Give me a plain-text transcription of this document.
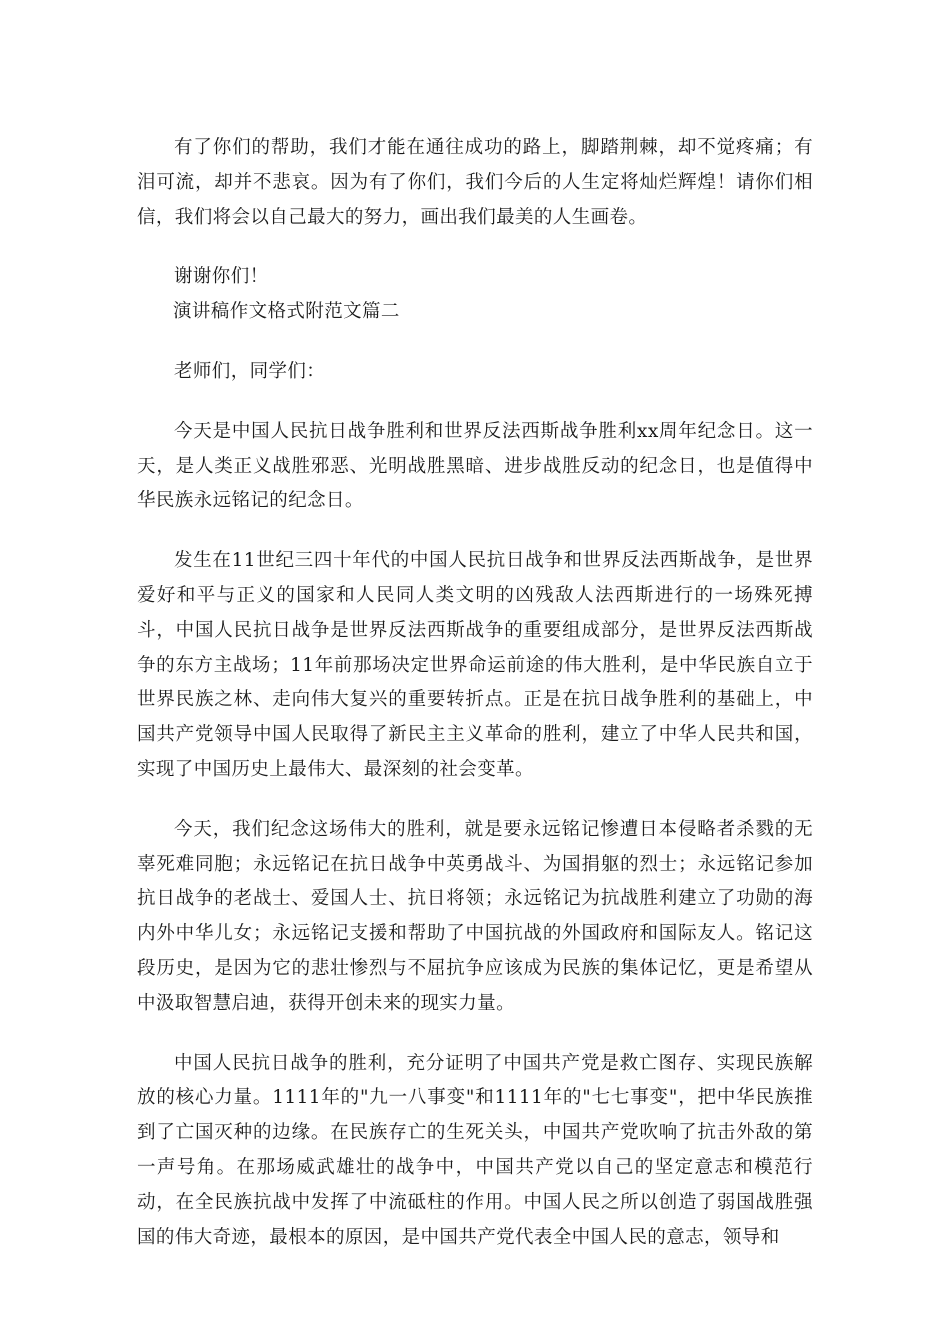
有了你们的帮助，我们才能在通往成功的路上，脚踏荆棘，却不觉疼痛；有泪可流，却并不悲哀。因为有了你们，我们今后的人生定将灿烂辉煌！请你们相信，我们将会以自己最大的努力，画出我们最美的人生画卷。

谢谢你们！

演讲稿作文格式附范文篇二

老师们，同学们：

今天是中国人民抗日战争胜利和世界反法西斯战争胜利xx周年纪念日。这一天，是人类正义战胜邪恶、光明战胜黑暗、进步战胜反动的纪念日，也是值得中华民族永远铭记的纪念日。

发生在11世纪三四十年代的中国人民抗日战争和世界反法西斯战争，是世界爱好和平与正义的国家和人民同人类文明的凶残敌人法西斯进行的一场殊死搏斗，中国人民抗日战争是世界反法西斯战争的重要组成部分，是世界反法西斯战争的东方主战场；11年前那场决定世界命运前途的伟大胜利，是中华民族自立于世界民族之林、走向伟大复兴的重要转折点。正是在抗日战争胜利的基础上，中国共产党领导中国人民取得了新民主主义革命的胜利，建立了中华人民共和国，实现了中国历史上最伟大、最深刻的社会变革。

今天，我们纪念这场伟大的胜利，就是要永远铭记惨遭日本侵略者杀戮的无辜死难同胞；永远铭记在抗日战争中英勇战斗、为国捐躯的烈士；永远铭记参加抗日战争的老战士、爱国人士、抗日将领；永远铭记为抗战胜利建立了功勋的海内外中华儿女；永远铭记支援和帮助了中国抗战的外国政府和国际友人。铭记这段历史，是因为它的悲壮惨烈与不屈抗争应该成为民族的集体记忆，更是希望从中汲取智慧启迪，获得开创未来的现实力量。

中国人民抗日战争的胜利，充分证明了中国共产党是救亡图存、实现民族解放的核心力量。1111年的"九一八事变"和1111年的"七七事变"，把中华民族推到了亡国灭种的边缘。在民族存亡的生死关头，中国共产党吹响了抗击外敌的第一声号角。在那场威武雄壮的战争中，中国共产党以自己的坚定意志和模范行动，在全民族抗战中发挥了中流砥柱的作用。中国人民之所以创造了弱国战胜强国的伟大奇迹，最根本的原因，是中国共产党代表全中国人民的意志，领导和
